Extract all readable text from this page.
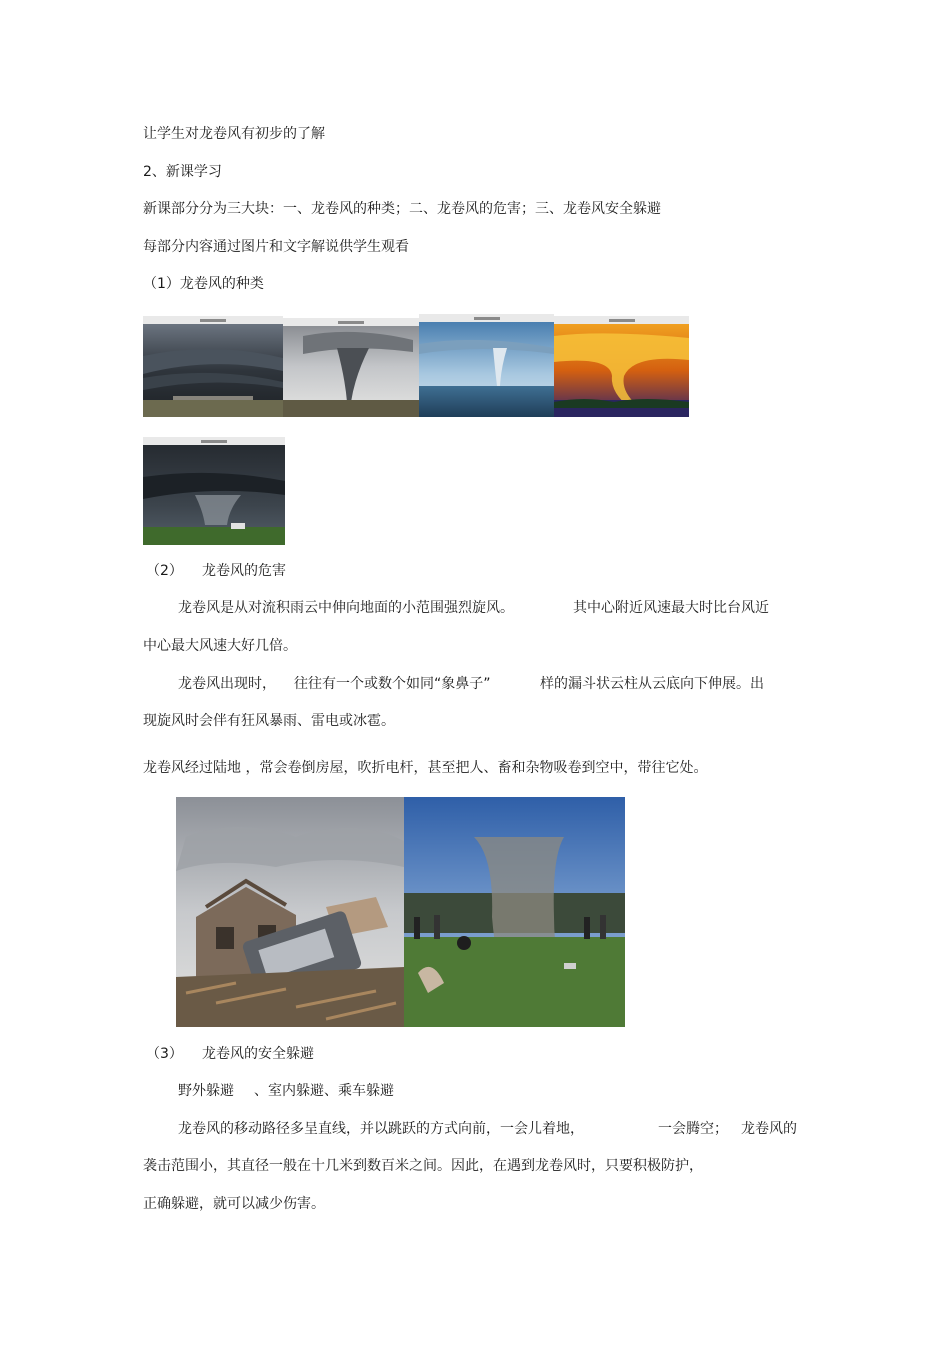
让学生对龙卷风有初步的了解

2、新课学习

新课部分分为三大块：一、龙卷风的种类；二、龙卷风的危害；三、龙卷风安全躲避

每部分内容通过图片和文字解说供学生观看

（1）龙卷风的种类

（2） 龙卷风的危害

龙卷风是从对流积雨云中伸向地面的小范围强烈旋风。	其中心附近风速最大时比台风近

中心最大风速大好几倍。

龙卷风出现时， 往往有一个或数个如同“象鼻子”	样的漏斗状云柱从云底向下伸展。出

现旋风时会伴有狂风暴雨、雷电或冰雹。

龙卷风经过陆地 ，常会卷倒房屋，吹折电杆，甚至把人、畜和杂物吸卷到空中，带往它处。

（3） 龙卷风的安全躲避

野外躲避 、室内躲避、乘车躲避

龙卷风的移动路径多呈直线，并以跳跃的方式向前，一会儿着地，	一会腾空； 龙卷风的

袭击范围小，其直径一般在十几米到数百米之间。因此，在遇到龙卷风时，只要积极防护，

正确躲避，就可以减少伤害。
